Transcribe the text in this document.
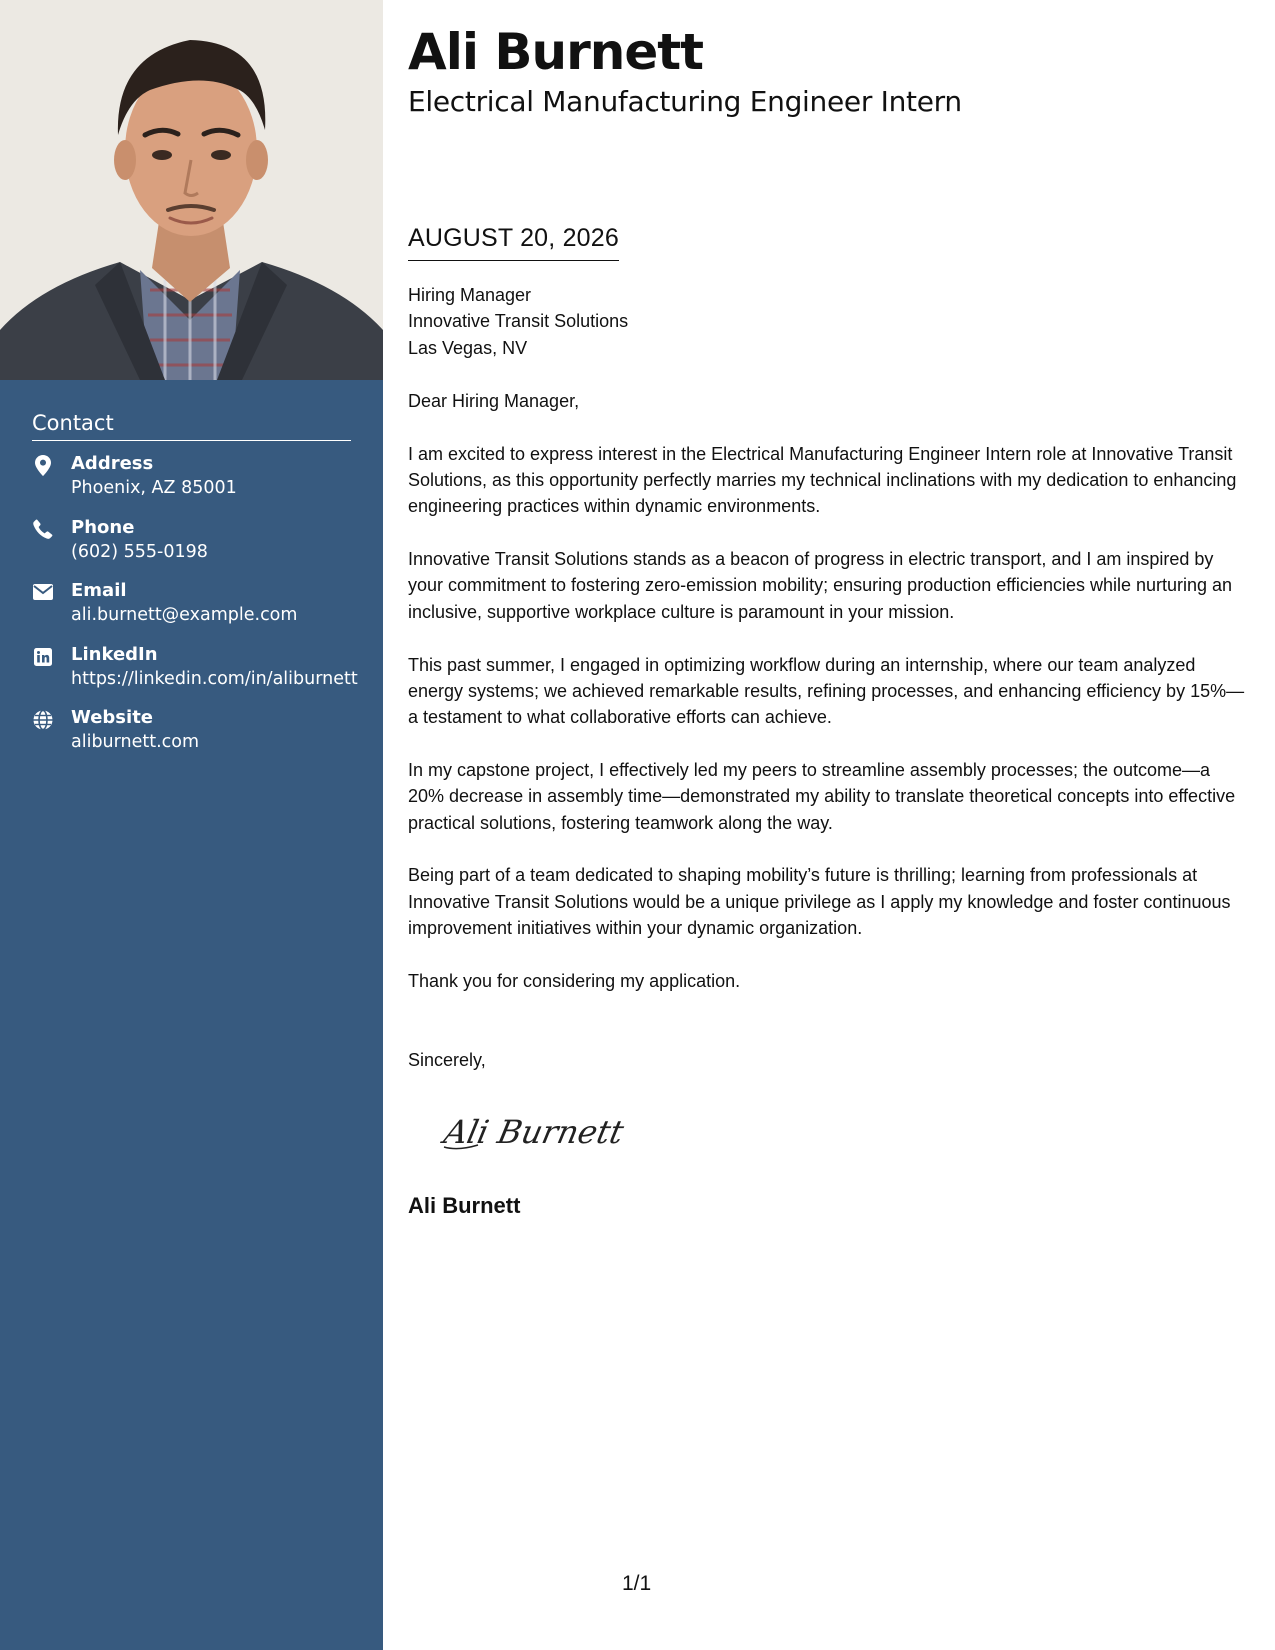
Contact
Address
Phoenix, AZ 85001
Phone
(602) 555-0198
Email
ali.burnett@example.com
LinkedIn
https://linkedin.com/in/aliburnett
Website
aliburnett.com
Ali Burnett
Electrical Manufacturing Engineer Intern
AUGUST 20, 2026
Hiring Manager
Innovative Transit Solutions
Las Vegas, NV

Dear Hiring Manager,

I am excited to express interest in the Electrical Manufacturing Engineer Intern role at Innovative Transit Solutions, as this opportunity perfectly marries my technical inclinations with my dedication to enhancing engineering practices within dynamic environments.

Innovative Transit Solutions stands as a beacon of progress in electric transport, and I am inspired by your commitment to fostering zero-emission mobility; ensuring production efficiencies while nurturing an inclusive, supportive workplace culture is paramount in your mission.

This past summer, I engaged in optimizing workflow during an internship, where our team analyzed energy systems; we achieved remarkable results, refining processes, and enhancing efficiency by 15%—a testament to what collaborative efforts can achieve.

In my capstone project, I effectively led my peers to streamline assembly processes; the outcome—a 20% decrease in assembly time—demonstrated my ability to translate theoretical concepts into effective practical solutions, fostering teamwork along the way.

Being part of a team dedicated to shaping mobility’s future is thrilling; learning from professionals at Innovative Transit Solutions would be a unique privilege as I apply my knowledge and foster continuous improvement initiatives within your dynamic organization.

Thank you for considering my application.

Sincerely,
Ali Burnett
Ali Burnett
1/1
